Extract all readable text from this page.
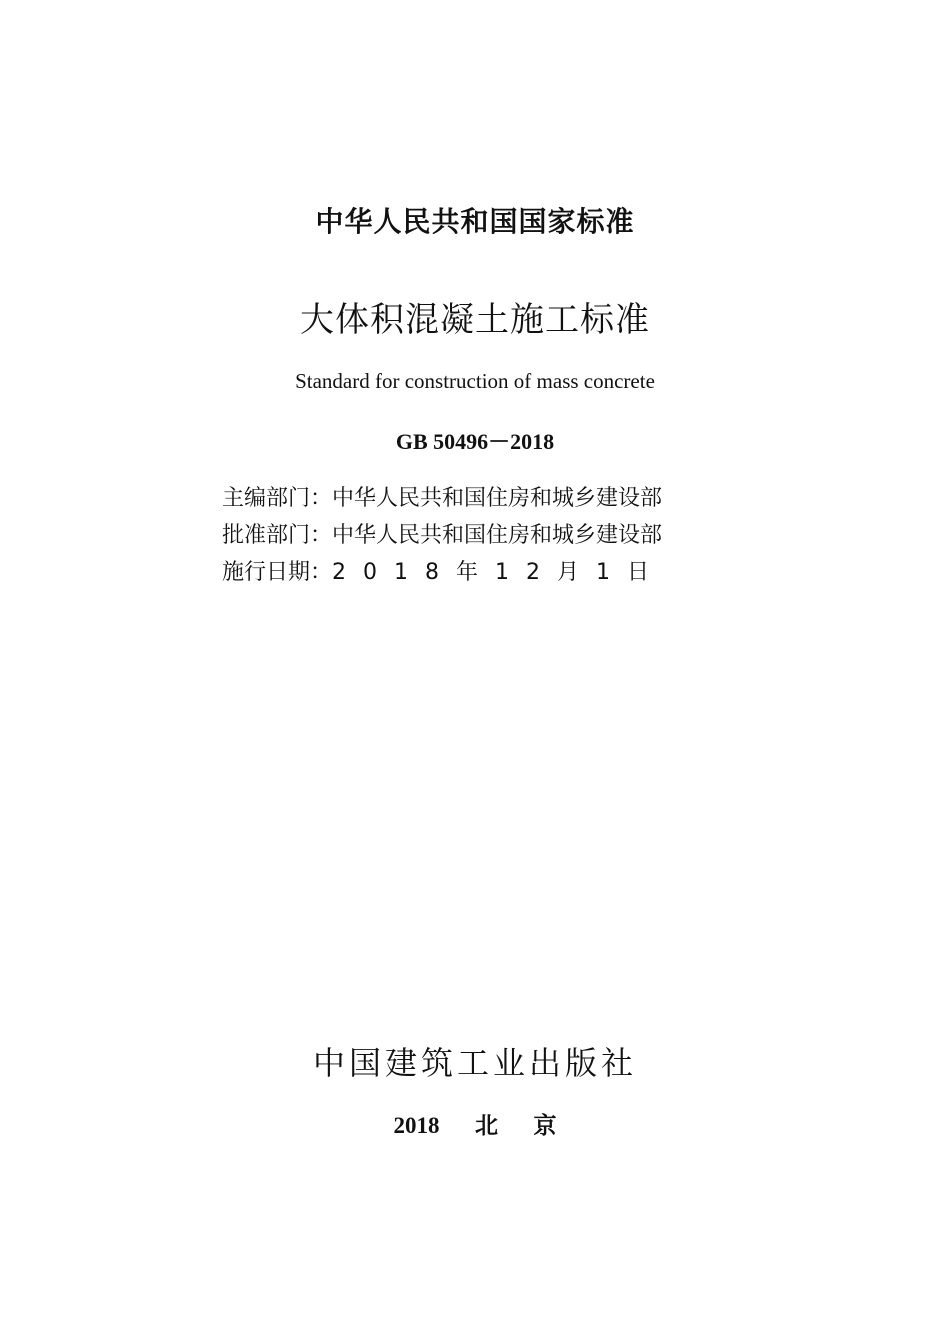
中华人民共和国国家标准
大体积混凝土施工标准
Standard for construction of mass concrete
GB 50496－2018
主编部门：中华人民共和国住房和城乡建设部
批准部门：中华人民共和国住房和城乡建设部
施行日期：2018年12月1日
中国建筑工业出版社
2018  北  京
